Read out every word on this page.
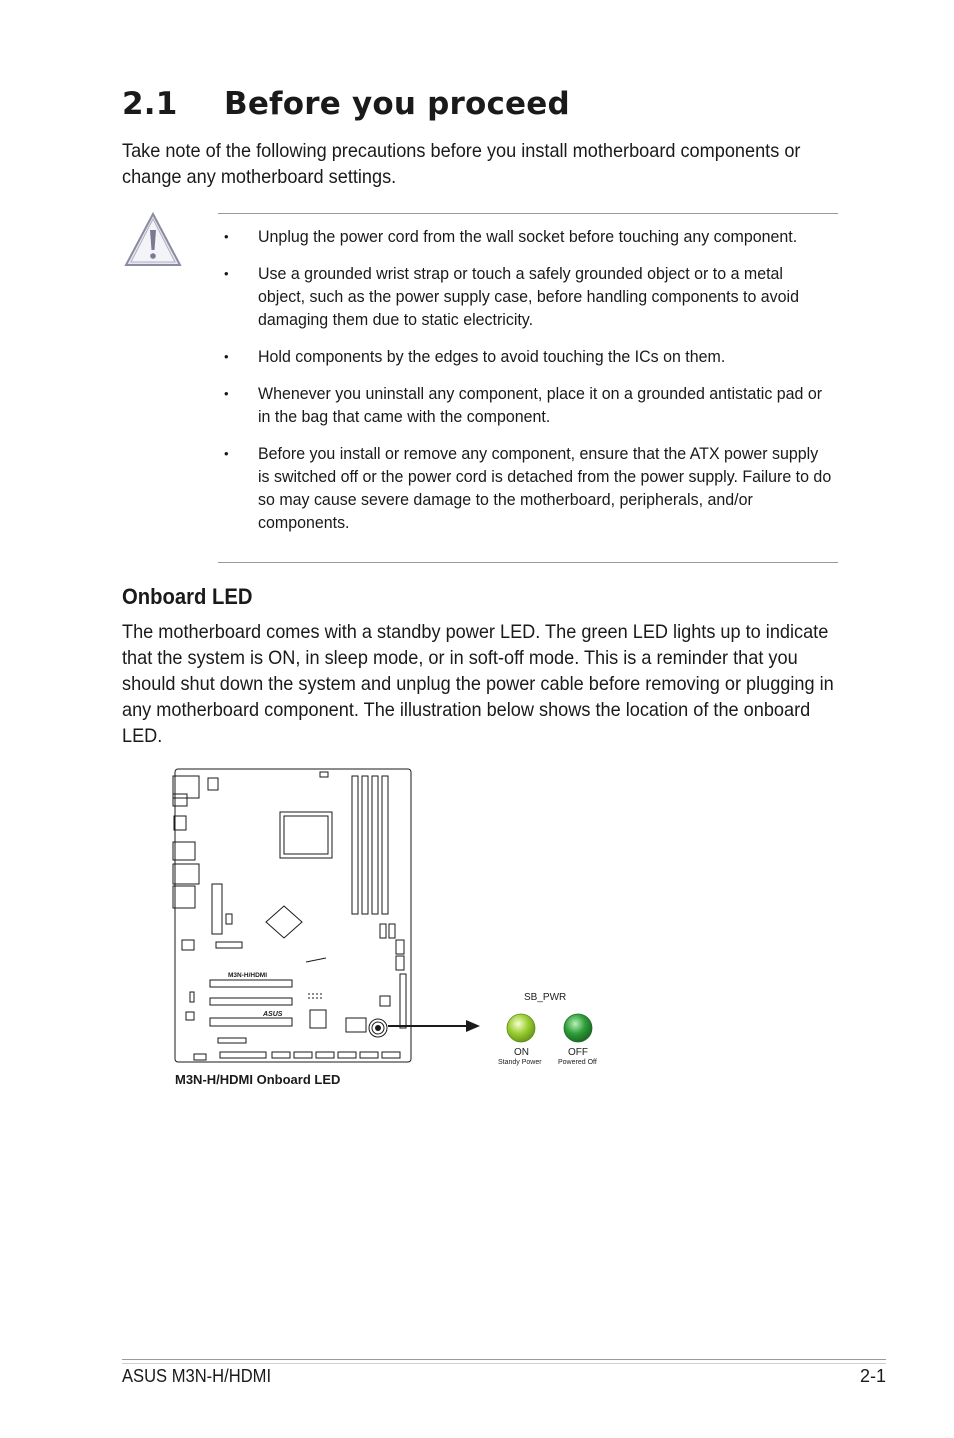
2.1 Before you proceed

Take note of the following precautions before you install motherboard components or change any motherboard settings.

• Unplug the power cord from the wall socket before touching any component.
• Use a grounded wrist strap or touch a safely grounded object or to a metal object, such as the power supply case, before handling components to avoid damaging them due to static electricity.
• Hold components by the edges to avoid touching the ICs on them.
• Whenever you uninstall any component, place it on a grounded antistatic pad or in the bag that came with the component.
• Before you install or remove any component, ensure that the ATX power supply is switched off or the power cord is detached from the power supply. Failure to do so may cause severe damage to the motherboard, peripherals, and/or components.
Onboard LED

The motherboard comes with a standby power LED. The green LED lights up to indicate that the system is ON, in sleep mode, or in soft-off mode. This is a reminder that you should shut down the system and unplug the power cable before removing or plugging in any motherboard component. The illustration below shows the location of the onboard LED.

M3N-H/HDMI
ASUS
SB_PWR
ON
Standy Power
OFF
Powered Off
M3N-H/HDMI Onboard LED
ASUS M3N-H/HDMI	2-1
